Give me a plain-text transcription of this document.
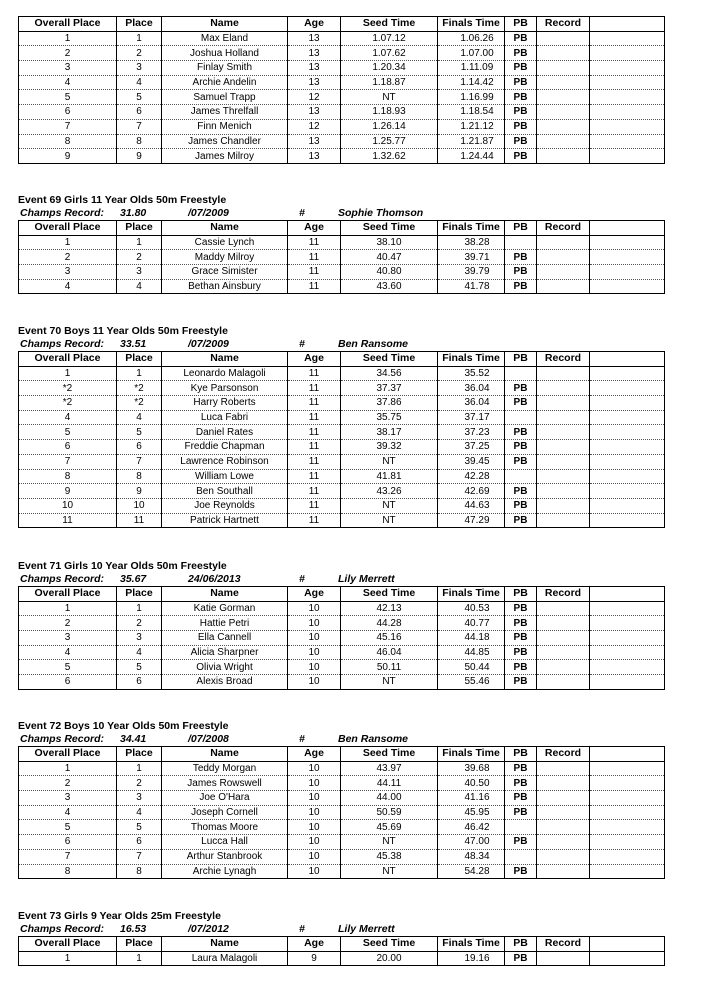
Overall Place	Place	Name	Age	Seed Time	Finals Time	PB	Record	
1	1	Max Eland	13	1.07.12	1.06.26	PB		
2	2	Joshua Holland	13	1.07.62	1.07.00	PB		
3	3	Finlay Smith	13	1.20.34	1.11.09	PB		
4	4	Archie Andelin	13	1.18.87	1.14.42	PB		
5	5	Samuel Trapp	12	NT	1.16.99	PB		
6	6	James Threlfall	13	1.18.93	1.18.54	PB		
7	7	Finn Menich	12	1.26.14	1.21.12	PB		
8	8	James Chandler	13	1.25.77	1.21.87	PB		
9	9	James Milroy	13	1.32.62	1.24.44	PB		
Event 69 Girls 11 Year Olds 50m Freestyle
Champs Record: 31.80	/07/2009	#	Sophie Thomson
Overall Place	Place	Name	Age	Seed Time	Finals Time	PB	Record	
1	1	Cassie Lynch	11	38.10	38.28			
2	2	Maddy Milroy	11	40.47	39.71	PB		
3	3	Grace Simister	11	40.80	39.79	PB		
4	4	Bethan Ainsbury	11	43.60	41.78	PB		
Event 70 Boys 11 Year Olds 50m Freestyle
Champs Record: 33.51	/07/2009	#	Ben Ransome
Overall Place	Place	Name	Age	Seed Time	Finals Time	PB	Record	
1	1	Leonardo Malagoli	11	34.56	35.52			
*2	*2	Kye Parsonson	11	37.37	36.04	PB		
*2	*2	Harry Roberts	11	37.86	36.04	PB		
4	4	Luca Fabri	11	35.75	37.17			
5	5	Daniel Rates	11	38.17	37.23	PB		
6	6	Freddie Chapman	11	39.32	37.25	PB		
7	7	Lawrence Robinson	11	NT	39.45	PB		
8	8	William Lowe	11	41.81	42.28			
9	9	Ben Southall	11	43.26	42.69	PB		
10	10	Joe Reynolds	11	NT	44.63	PB		
11	11	Patrick Hartnett	11	NT	47.29	PB		
Event 71 Girls 10 Year Olds 50m Freestyle
Champs Record: 35.67	24/06/2013	#	Lily Merrett
Overall Place	Place	Name	Age	Seed Time	Finals Time	PB	Record	
1	1	Katie Gorman	10	42.13	40.53	PB		
2	2	Hattie Petri	10	44.28	40.77	PB		
3	3	Ella Cannell	10	45.16	44.18	PB		
4	4	Alicia Sharpner	10	46.04	44.85	PB		
5	5	Olivia Wright	10	50.11	50.44	PB		
6	6	Alexis Broad	10	NT	55.46	PB		
Event 72 Boys 10 Year Olds 50m Freestyle
Champs Record: 34.41	/07/2008	#	Ben Ransome
Overall Place	Place	Name	Age	Seed Time	Finals Time	PB	Record	
1	1	Teddy Morgan	10	43.97	39.68	PB		
2	2	James Rowswell	10	44.11	40.50	PB		
3	3	Joe O'Hara	10	44.00	41.16	PB		
4	4	Joseph Cornell	10	50.59	45.95	PB		
5	5	Thomas Moore	10	45.69	46.42			
6	6	Lucca Hall	10	NT	47.00	PB		
7	7	Arthur Stanbrook	10	45.38	48.34			
8	8	Archie Lynagh	10	NT	54.28	PB		
Event 73 Girls 9 Year Olds 25m Freestyle
Champs Record: 16.53	/07/2012	#	Lily Merrett
Overall Place	Place	Name	Age	Seed Time	Finals Time	PB	Record	
1	1	Laura Malagoli	9	20.00	19.16	PB		
